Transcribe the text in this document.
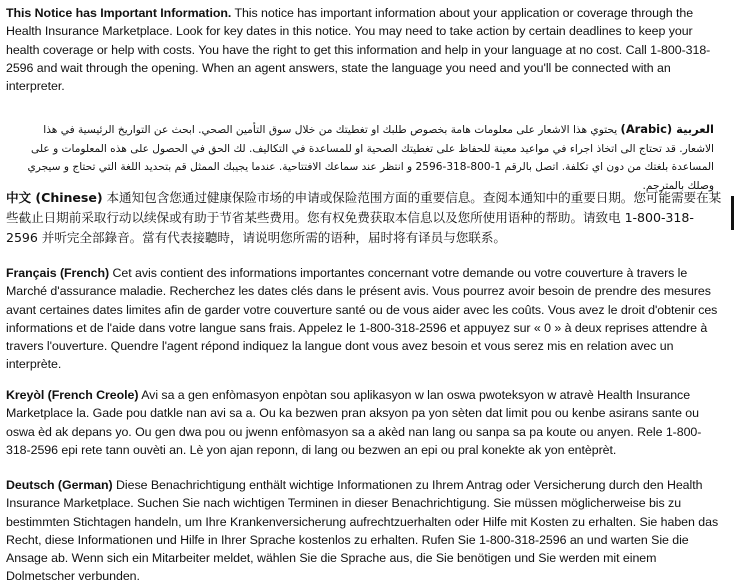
This Notice has Important Information. This notice has important information about your application or coverage through the Health Insurance Marketplace. Look for key dates in this notice. You may need to take action by certain deadlines to keep your health coverage or help with costs. You have the right to get this information and help in your language at no cost. Call 1-800-318-2596 and wait through the opening. When an agent answers, state the language you need and you'll be connected with an interpreter.

العربية (Arabic) يحتوي هذا الاشعار على معلومات هامة بخصوص طلبك او تغطيتك من خلال سوق التأمين الصحي. ابحث عن التواريخ الرئيسية في هذا الاشعار. قد تحتاج الى اتخاذ اجراء في مواعيد معينة للحفاظ على تغطيتك الصحية او للمساعدة في التكاليف. لك الحق في الحصول على هذه المعلومات و على المساعدة بلغتك من دون اي تكلفة. اتصل بالرقم 1-800-318-2596 و انتظر عند سماعك الافتتاحية. عندما يجيبك الممثل قم بتحديد اللغة التي تحتاج و سيجري وصلك بالمترجم.

中文 (Chinese) 本通知包含您通过健康保险市场的申请或保险范围方面的重要信息。查阅本通知中的重要日期。您可能需要在某些截止日期前采取行动以续保或有助于节省某些费用。您有权免费获取本信息以及您所使用语种的帮助。请致电 1-800-318-2596 并听完全部錄音。當有代表接聽時，请说明您所需的语种，届时将有译员与您联系。

Français (French) Cet avis contient des informations importantes concernant votre demande ou votre couverture à travers le Marché d'assurance maladie. Recherchez les dates clés dans le présent avis. Vous pourrez avoir besoin de prendre des mesures avant certaines dates limites afin de garder votre couverture santé ou de vous aider avec les coûts. Vous avez le droit d'obtenir ces informations et de l'aide dans votre langue sans frais. Appelez le 1-800-318-2596 et appuyez sur « 0 » à deux reprises attendre à travers l'ouverture. Quendre l'agent répond indiquez la langue dont vous avez besoin et vous serez mis en relation avec un interprète.

Kreyòl (French Creole) Avi sa a gen enfòmasyon enpòtan sou aplikasyon w lan oswa pwoteksyon w atravè Health Insurance Marketplace la. Gade pou datkle nan avi sa a. Ou ka bezwen pran aksyon pa yon sèten dat limit pou ou kenbe asirans sante ou oswa èd ak depans yo. Ou gen dwa pou ou jwenn enfòmasyon sa a akèd nan lang ou sanpa sa pa koute ou anyen. Rele 1-800-318-2596 epi rete tann ouvèti an. Lè yon ajan reponn, di lang ou bezwen an epi ou pral konekte ak yon entèprèt.

Deutsch (German) Diese Benachrichtigung enthält wichtige Informationen zu Ihrem Antrag oder Versicherung durch den Health Insurance Marketplace. Suchen Sie nach wichtigen Terminen in dieser Benachrichtigung. Sie müssen möglicherweise bis zu bestimmten Stichtagen handeln, um Ihre Krankenversicherung aufrechtzuerhalten oder Hilfe mit Kosten zu erhalten. Sie haben das Recht, diese Informationen und Hilfe in Ihrer Sprache kostenlos zu erhalten. Rufen Sie 1-800-318-2596 an und warten Sie die Ansage ab. Wenn sich ein Mitarbeiter meldet, wählen Sie die Sprache aus, die Sie benötigen und Sie werden mit einem Dolmetscher verbunden.
